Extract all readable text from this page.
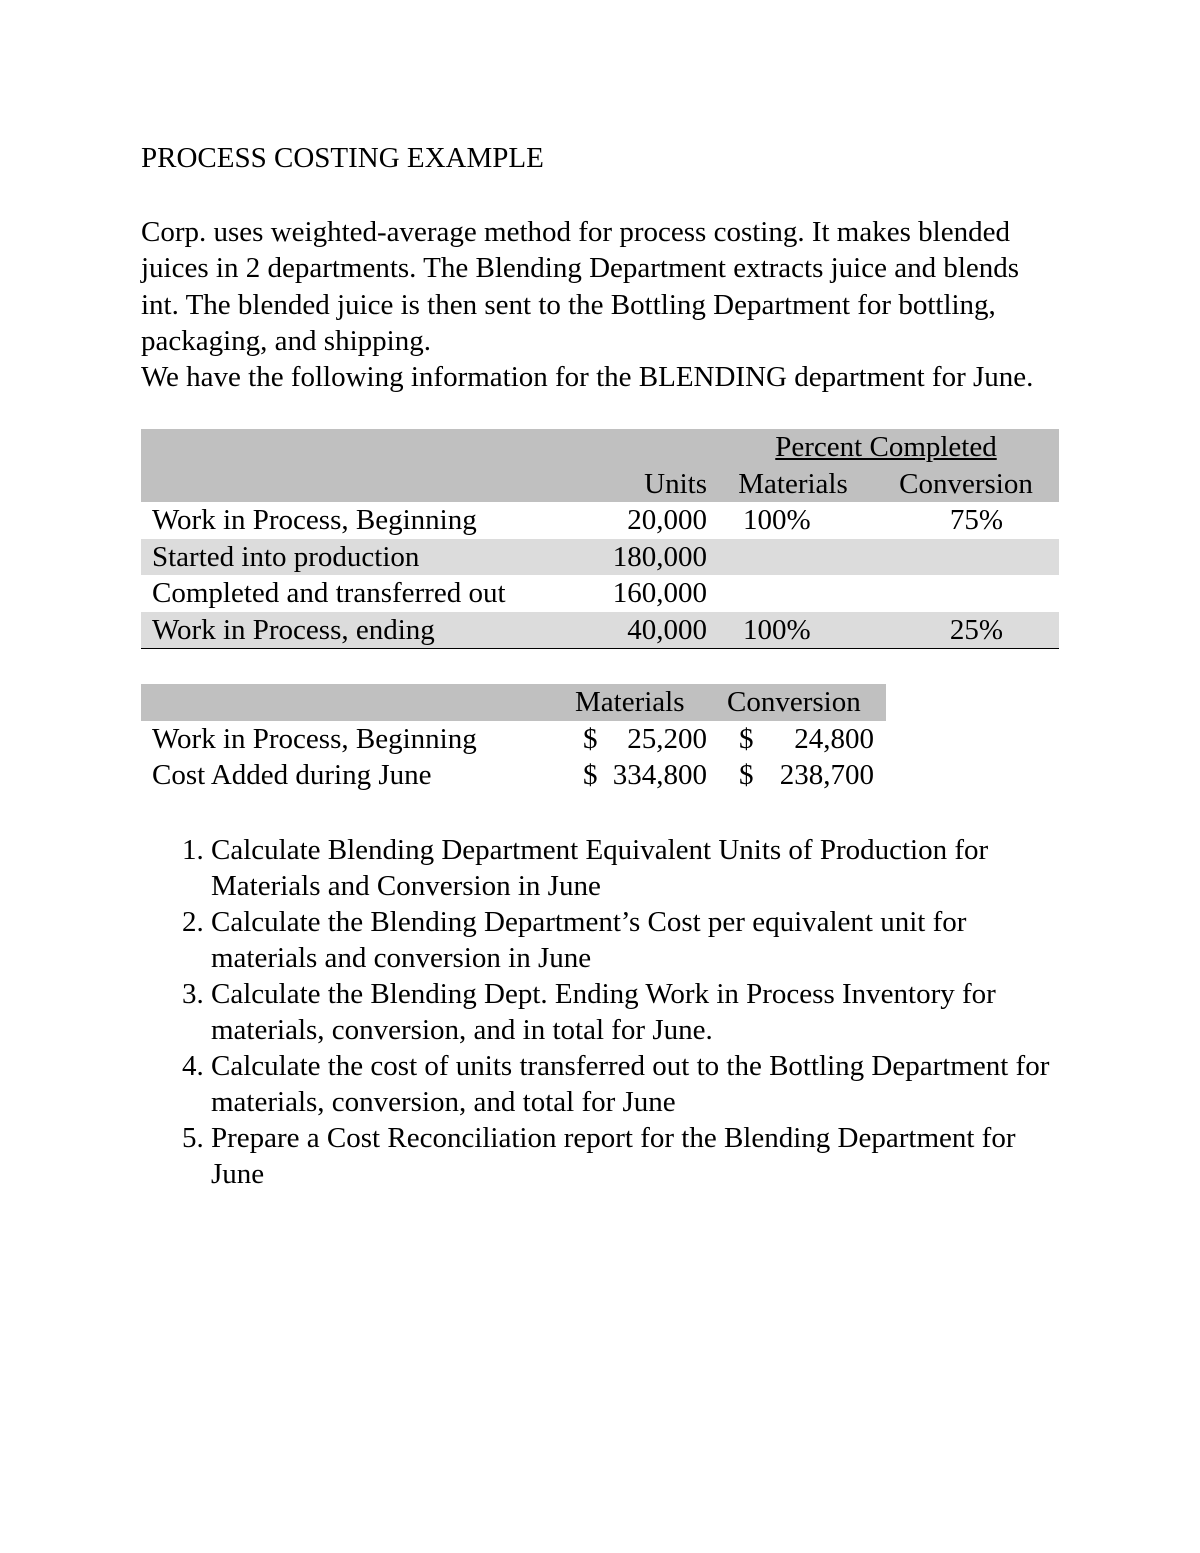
PROCESS COSTING EXAMPLE

Corp. uses weighted-average method for process costing. It makes blended juices in 2 departments. The Blending Department extracts juice and blends int. The blended juice is then sent to the Bottling Department for bottling, packaging, and shipping.

We have the following information for the BLENDING department for June.

		Percent Completed	
	Units	Materials	Conversion
Work in Process, Beginning	20,000	100%	75%
Started into production	180,000		
Completed and transferred out	160,000		
Work in Process, ending	40,000	100%	25%
	Materials	Conversion
Work in Process, Beginning	$ 25,200	$ 24,800

Cost Added during June	$ 334,800	$ 238,700
1. Calculate Blending Department Equivalent Units of Production for Materials and Conversion in June
2. Calculate the Blending Department’s Cost per equivalent unit for materials and conversion in June
3. Calculate the Blending Dept. Ending Work in Process Inventory for materials, conversion, and in total for June.
4. Calculate the cost of units transferred out to the Bottling Department for materials, conversion, and total for June
5. Prepare a Cost Reconciliation report for the Blending Department for June
